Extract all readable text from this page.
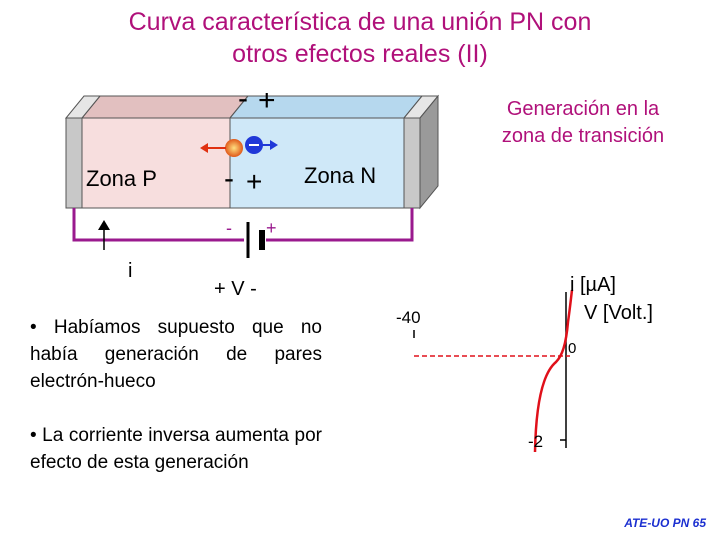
Curva característica de una unión PN con
otros efectos reales (II)
Zona P	Zona N
- +
- +
Generación en la
zona de transición
- +
i
+ V -
• Habíamos supuesto que no había generación de pares electrón-hueco
• La corriente inversa aumenta por efecto de esta generación
i [µA]
V [Volt.]
-40
0
-2
ATE-UO PN 65
